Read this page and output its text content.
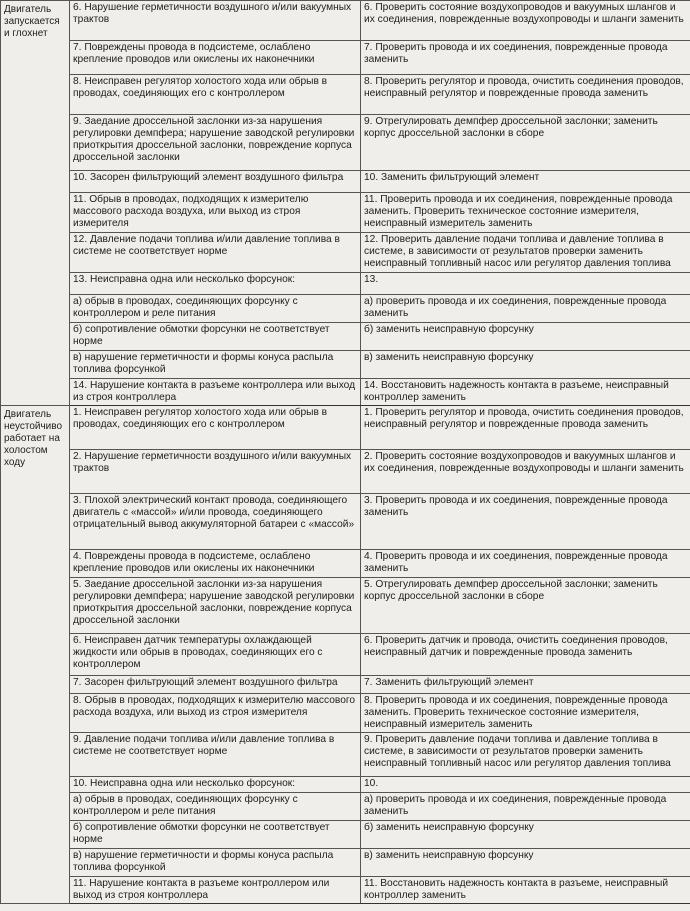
Двигатель запускается и глохнет	6. Нарушение герметичности воздушного и/или вакуумных трактов	6. Проверить состояние воздухопроводов и вакуумных шлангов и их соединения, поврежденные воздухопроводы и шланги заменить
	7. Повреждены провода в подсистеме, ослаблено крепление проводов или окислены их наконечники	7. Проверить провода и их соединения, поврежденные провода заменить
	8. Неисправен регулятор холостого хода или обрыв в проводах, соединяющих его с контроллером	8. Проверить регулятор и провода, очистить соединения проводов, неисправный регулятор и поврежденные провода заменить
	9. Заедание дроссельной заслонки из-за нарушения регулировки демпфера; нарушение заводской регулировки приоткрытия дроссельной заслонки, повреждение корпуса дроссельной заслонки	9. Отрегулировать демпфер дроссельной заслонки; заменить корпус дроссельной заслонки в сборе
	10. Засорен фильтрующий элемент воздушного фильтра	10. Заменить фильтрующий элемент
	11. Обрыв в проводах, подходящих к измерителю массового расхода воздуха, или выход из строя измерителя	11. Проверить провода и их соединения, поврежденные провода заменить. Проверить техническое состояние измерителя, неисправный измеритель заменить
	12. Давление подачи топлива и/или давление топлива в системе не соответствует норме	12. Проверить давление подачи топлива и давление топлива в системе, в зависимости от результатов проверки заменить неисправный топливный насос или регулятор давления топлива
	13. Неисправна одна или несколько форсунок:	13.
	а) обрыв в проводах, соединяющих форсунку с контроллером и реле питания	а) проверить провода и их соединения, поврежденные провода заменить
	б) сопротивление обмотки форсунки не соответствует норме	б) заменить неисправную форсунку
	в) нарушение герметичности и формы конуса распыла топлива форсункой	в) заменить неисправную форсунку
	14. Нарушение контакта в разъеме контроллера или выход из строя контроллера	14. Восстановить надежность контакта в разъеме, неисправный контроллер заменить
Двигатель неустойчиво работает на холостом ходу	1. Неисправен регулятор холостого хода или обрыв в проводах, соединяющих его с контроллером	1. Проверить регулятор и провода, очистить соединения проводов, неисправный регулятор и поврежденные провода заменить
	2. Нарушение герметичности воздушного и/или вакуумных трактов	2. Проверить состояние воздухопроводов и вакуумных шлангов и их соединения, поврежденные воздухопроводы и шланги заменить
	3. Плохой электрический контакт провода, соединяющего двигатель с «массой» и/или провода, соединяющего отрицательный вывод аккумуляторной батареи с «массой»	3. Проверить провода и их соединения, поврежденные провода заменить
	4. Повреждены провода в подсистеме, ослаблено крепление проводов или окислены их наконечники	4. Проверить провода и их соединения, поврежденные провода заменить
	5. Заедание дроссельной заслонки из-за нарушения регулировки демпфера; нарушение заводской регулировки приоткрытия дроссельной заслонки, повреждение корпуса дроссельной заслонки	5. Отрегулировать демпфер дроссельной заслонки; заменить корпус дроссельной заслонки в сборе
	6. Неисправен датчик температуры охлаждающей жидкости или обрыв в проводах, соединяющих его с контроллером	6. Проверить датчик и провода, очистить соединения проводов, неисправный датчик и поврежденные провода заменить
	7. Засорен фильтрующий элемент воздушного фильтра	7. Заменить фильтрующий элемент
	8. Обрыв в проводах, подходящих к измерителю массового расхода воздуха, или выход из строя измерителя	8. Проверить провода и их соединения, поврежденные провода заменить. Проверить техническое состояние измерителя, неисправный измеритель заменить
	9. Давление подачи топлива и/или давление топлива в системе не соответствует норме	9. Проверить давление подачи топлива и давление топлива в системе, в зависимости от результатов проверки заменить неисправный топливный насос или регулятор давления топлива
	10. Неисправна одна или несколько форсунок:	10.
	а) обрыв в проводах, соединяющих форсунку с контроллером и реле питания	а) проверить провода и их соединения, поврежденные провода заменить
	б) сопротивление обмотки форсунки не соответствует норме	б) заменить неисправную форсунку
	в) нарушение герметичности и формы конуса распыла топлива форсункой	в) заменить неисправную форсунку
	11. Нарушение контакта в разъеме контроллером или выход из строя контроллера	11. Восстановить надежность контакта в разъеме, неисправный контроллер заменить
